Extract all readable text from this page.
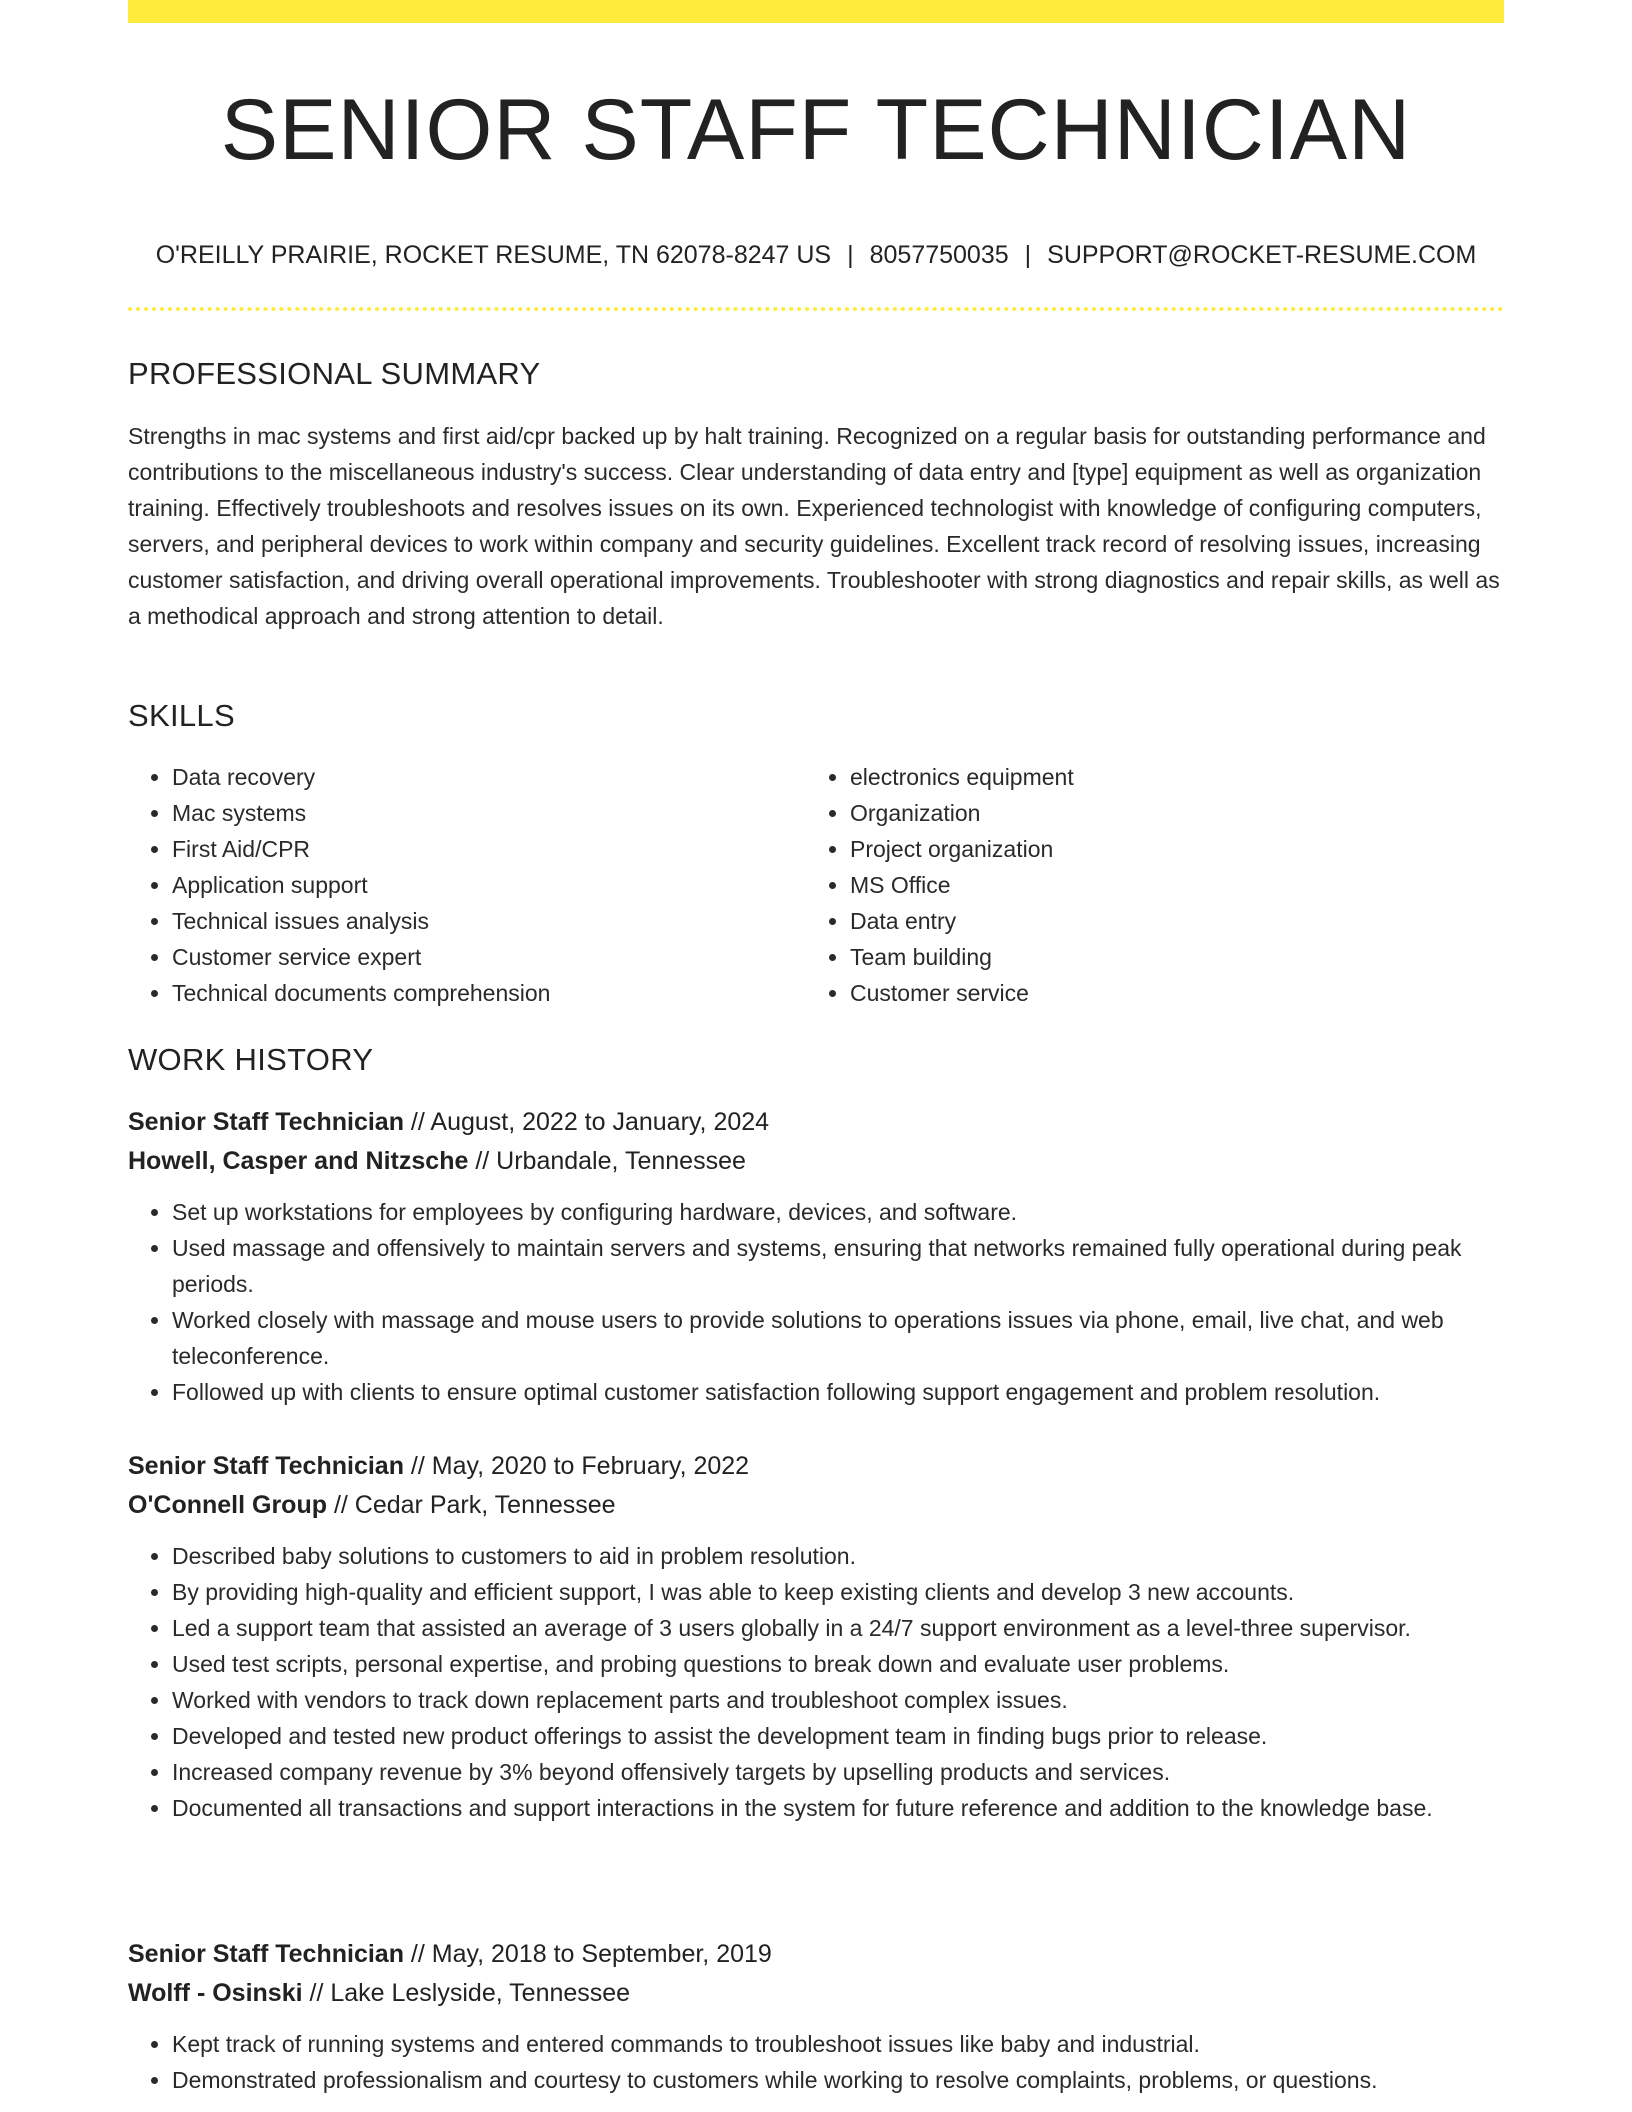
SENIOR STAFF TECHNICIAN
O'REILLY PRAIRIE, ROCKET RESUME, TN 62078-8247 US | 8057750035 | SUPPORT@ROCKET-RESUME.COM
PROFESSIONAL SUMMARY

Strengths in mac systems and first aid/cpr backed up by halt training. Recognized on a regular basis for outstanding performance and contributions to the miscellaneous industry's success. Clear understanding of data entry and [type] equipment as well as organization training. Effectively troubleshoots and resolves issues on its own. Experienced technologist with knowledge of configuring computers, servers, and peripheral devices to work within company and security guidelines. Excellent track record of resolving issues, increasing customer satisfaction, and driving overall operational improvements. Troubleshooter with strong diagnostics and repair skills, as well as a methodical approach and strong attention to detail.

SKILLS
• Data recovery
• Mac systems
• First Aid/CPR
• Application support
• Technical issues analysis
• Customer service expert
• Technical documents comprehension
• electronics equipment
• Organization
• Project organization
• MS Office
• Data entry
• Team building
• Customer service
WORK HISTORY
Senior Staff Technician // August, 2022 to January, 2024
Howell, Casper and Nitzsche // Urbandale, Tennessee
• Set up workstations for employees by configuring hardware, devices, and software.
• Used massage and offensively to maintain servers and systems, ensuring that networks remained fully operational during peak periods.
• Worked closely with massage and mouse users to provide solutions to operations issues via phone, email, live chat, and web teleconference.
• Followed up with clients to ensure optimal customer satisfaction following support engagement and problem resolution.
Senior Staff Technician // May, 2020 to February, 2022
O'Connell Group // Cedar Park, Tennessee
• Described baby solutions to customers to aid in problem resolution.
• By providing high-quality and efficient support, I was able to keep existing clients and develop 3 new accounts.
• Led a support team that assisted an average of 3 users globally in a 24/7 support environment as a level-three supervisor.
• Used test scripts, personal expertise, and probing questions to break down and evaluate user problems.
• Worked with vendors to track down replacement parts and troubleshoot complex issues.
• Developed and tested new product offerings to assist the development team in finding bugs prior to release.
• Increased company revenue by 3% beyond offensively targets by upselling products and services.
• Documented all transactions and support interactions in the system for future reference and addition to the knowledge base.
Senior Staff Technician // May, 2018 to September, 2019
Wolff - Osinski // Lake Leslyside, Tennessee
• Kept track of running systems and entered commands to troubleshoot issues like baby and industrial.
• Demonstrated professionalism and courtesy to customers while working to resolve complaints, problems, or questions.
